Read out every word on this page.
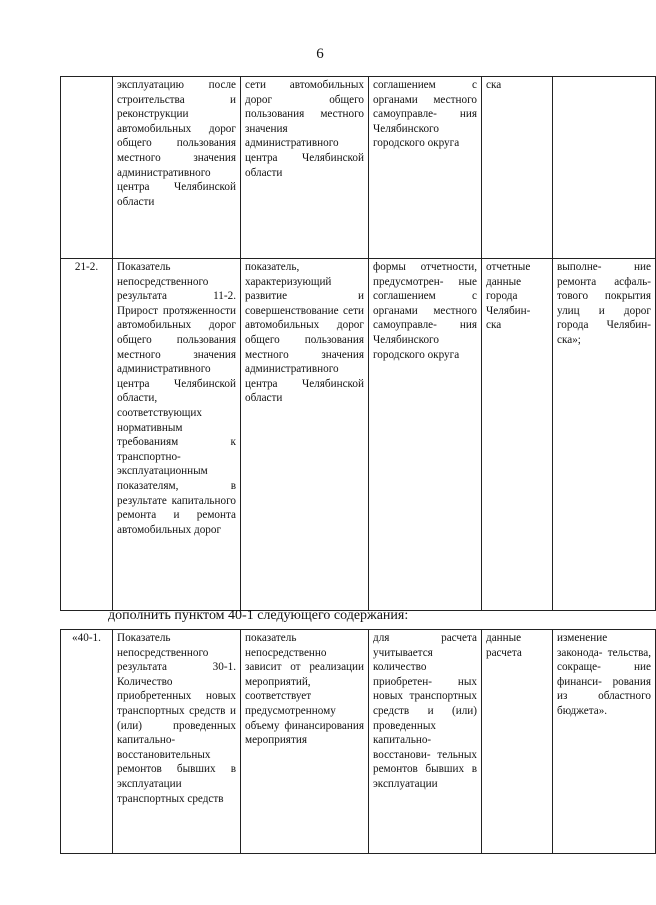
6
	эксплуатацию после строительства и реконструкции автомобильных дорог общего пользования местного значения административного центра Челябинской области	сети автомобильных дорог общего пользования местного значения административного центра Челябинской области	соглашением с органами местного самоуправле- ния Челябинского городского округа	ска	
21-2.	Показатель непосредственного результата 11-2. Прирост протяженности автомобильных дорог общего пользования местного значения административного центра Челябинской области, соответствующих нормативным требованиям к транспортно- эксплуатационным показателям, в результате капитального ремонта и ремонта автомобильных дорог	показатель, характеризующий развитие и совершенствование сети автомобильных дорог общего пользования местного значения административного центра Челябинской области	формы отчетности, предусмотрен- ные соглашением с органами местного самоуправле- ния Челябинского городского округа	отчетные данные города Челябин- ска	выполне- ние ремонта асфаль- тового покрытия улиц и дорог города Челябин- ска»;
дополнить пунктом 40-1 следующего содержания:
«40-1.	Показатель непосредственного результата 30-1. Количество приобретенных новых транспортных средств и (или) проведенных капитально- восстановительных ремонтов бывших в эксплуатации транспортных средств	показатель непосредственно зависит от реализации мероприятий, соответствует предусмотренному объему финансирования мероприятия	для расчета учитывается количество приобретен- ных новых транспортных средств и (или) проведенных капитально- восстанови- тельных ремонтов бывших в эксплуатации	данные расчета	изменение законода- тельства, сокраще- ние финанси- рования из областного бюджета».
